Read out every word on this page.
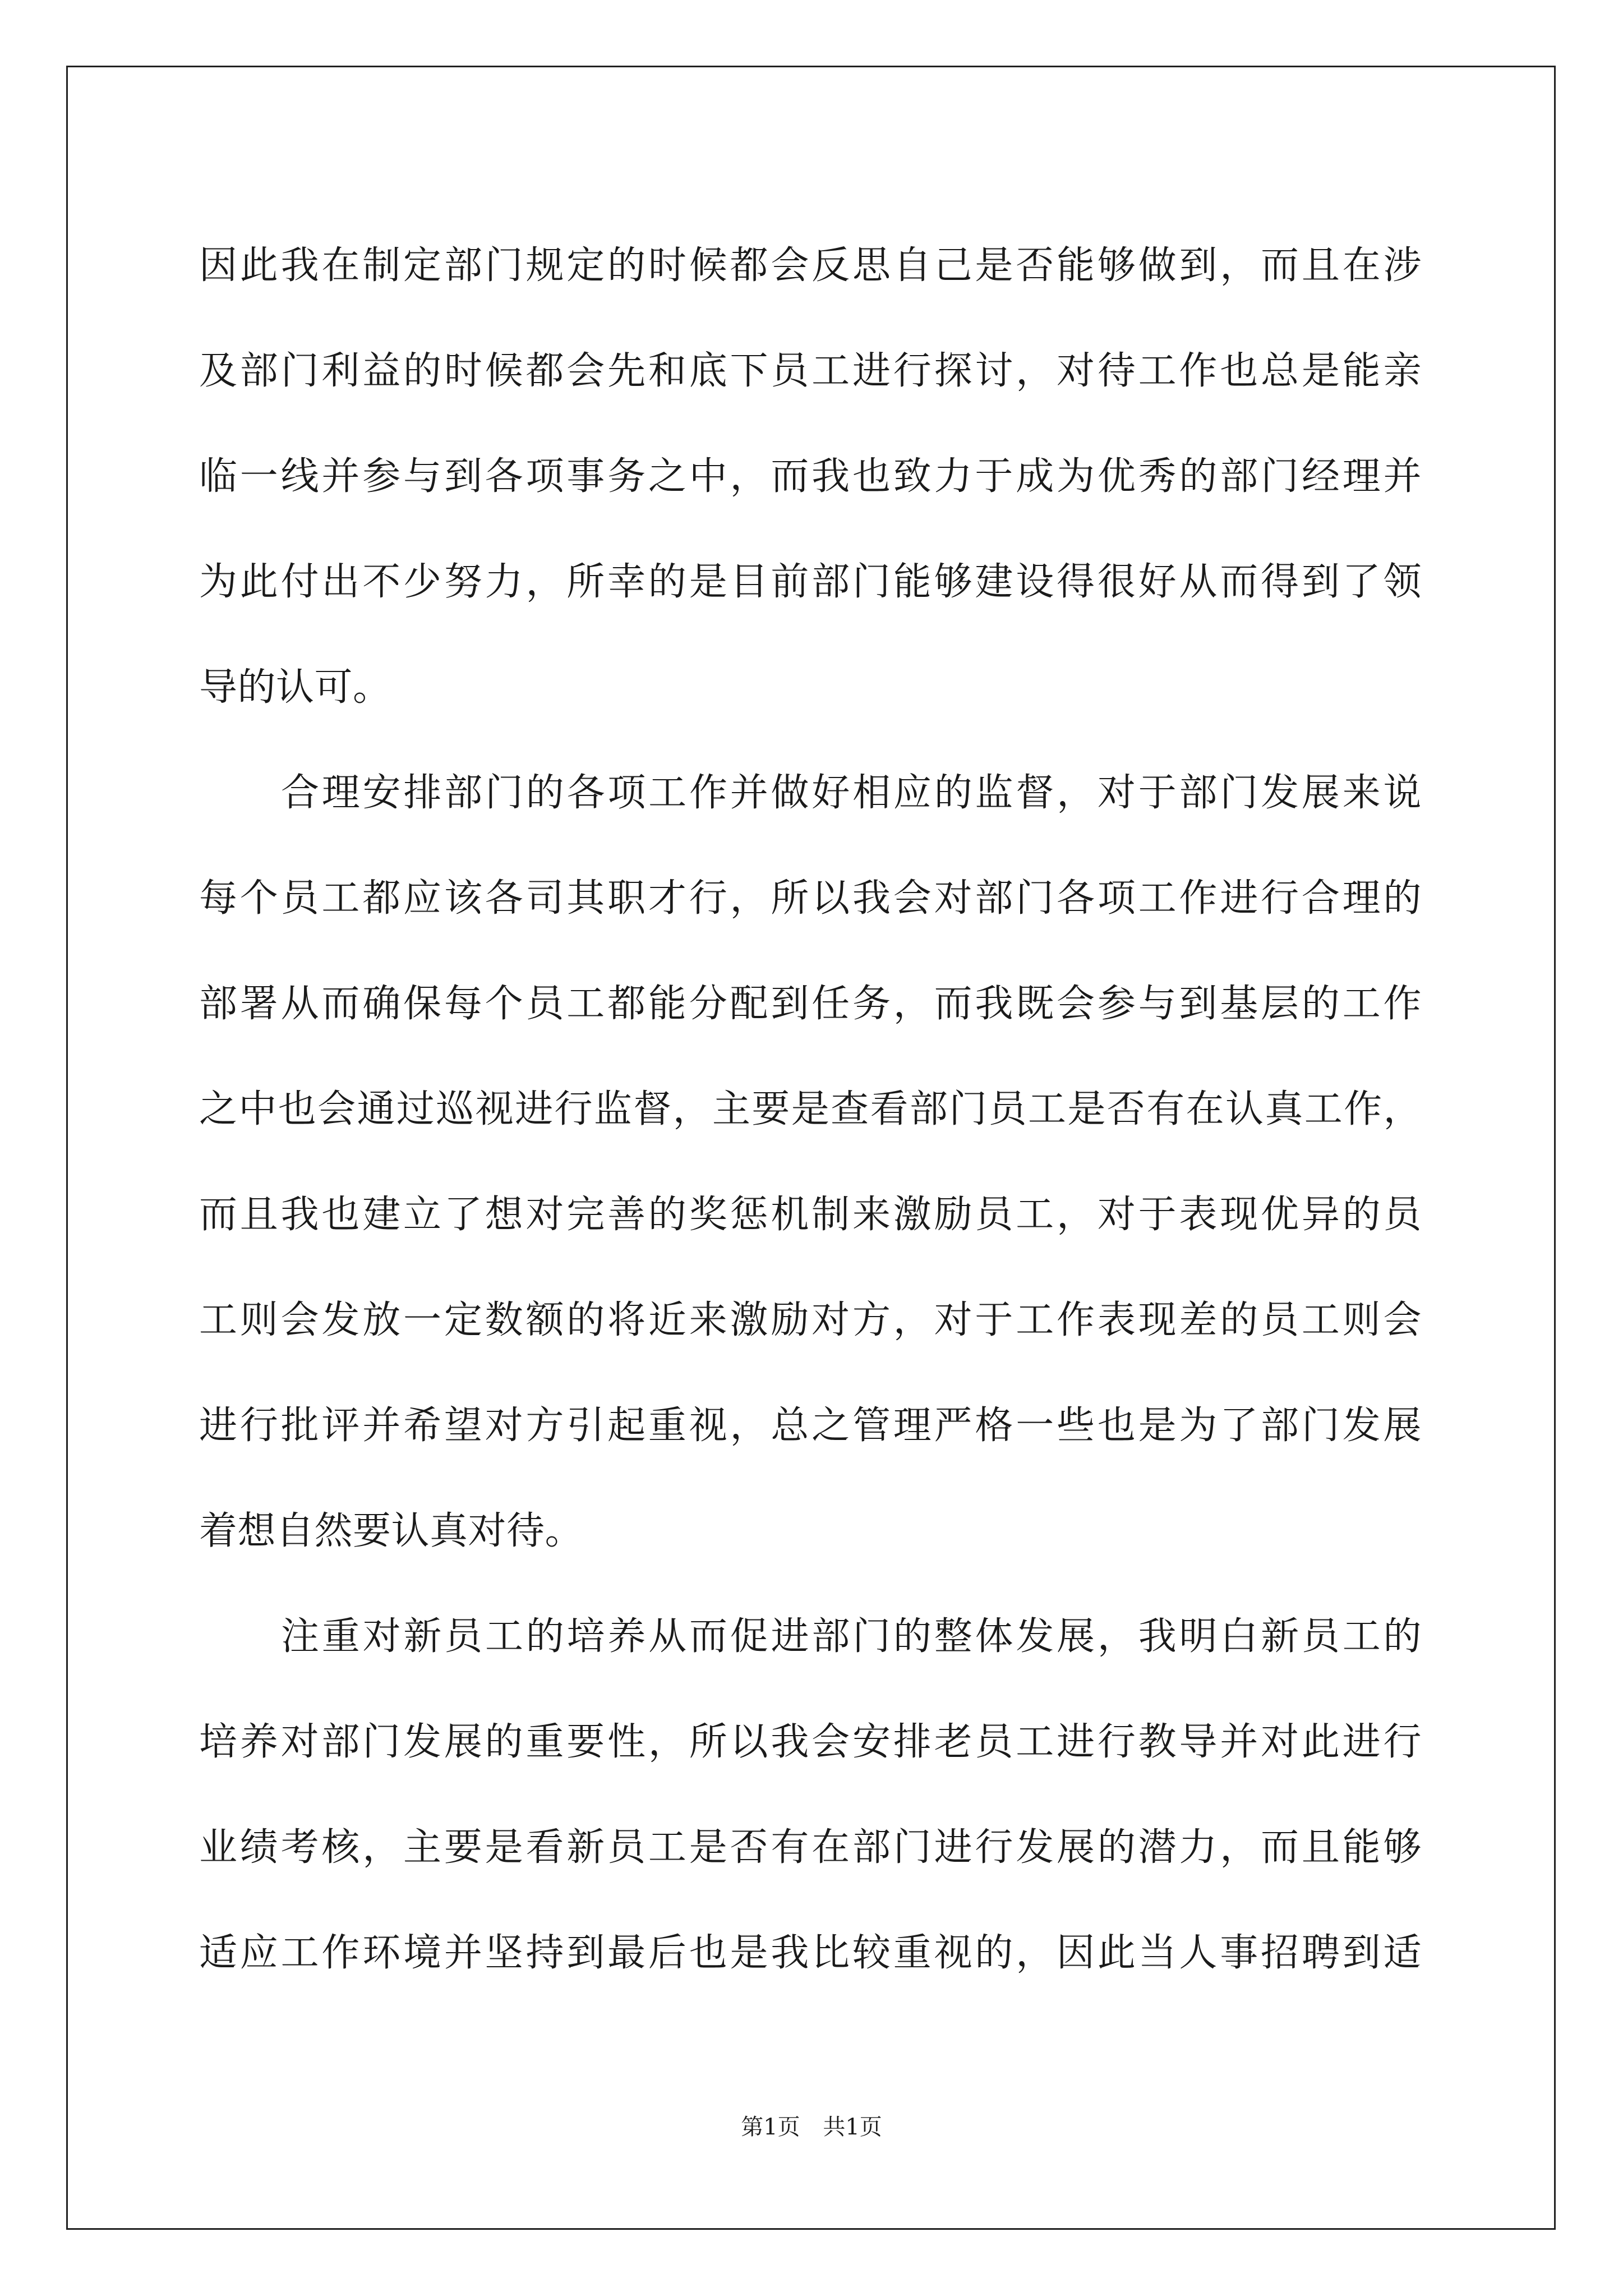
因此我在制定部门规定的时候都会反思自己是否能够做到，而且在涉
及部门利益的时候都会先和底下员工进行探讨，对待工作也总是能亲
临一线并参与到各项事务之中，而我也致力于成为优秀的部门经理并
为此付出不少努力，所幸的是目前部门能够建设得很好从而得到了领
导的认可。
合理安排部门的各项工作并做好相应的监督，对于部门发展来说
每个员工都应该各司其职才行，所以我会对部门各项工作进行合理的
部署从而确保每个员工都能分配到任务，而我既会参与到基层的工作
之中也会通过巡视进行监督，主要是查看部门员工是否有在认真工作，
而且我也建立了想对完善的奖惩机制来激励员工，对于表现优异的员
工则会发放一定数额的将近来激励对方，对于工作表现差的员工则会
进行批评并希望对方引起重视，总之管理严格一些也是为了部门发展
着想自然要认真对待。
注重对新员工的培养从而促进部门的整体发展，我明白新员工的
培养对部门发展的重要性，所以我会安排老员工进行教导并对此进行
业绩考核，主要是看新员工是否有在部门进行发展的潜力，而且能够
适应工作环境并坚持到最后也是我比较重视的，因此当人事招聘到适
第1页 共1页
